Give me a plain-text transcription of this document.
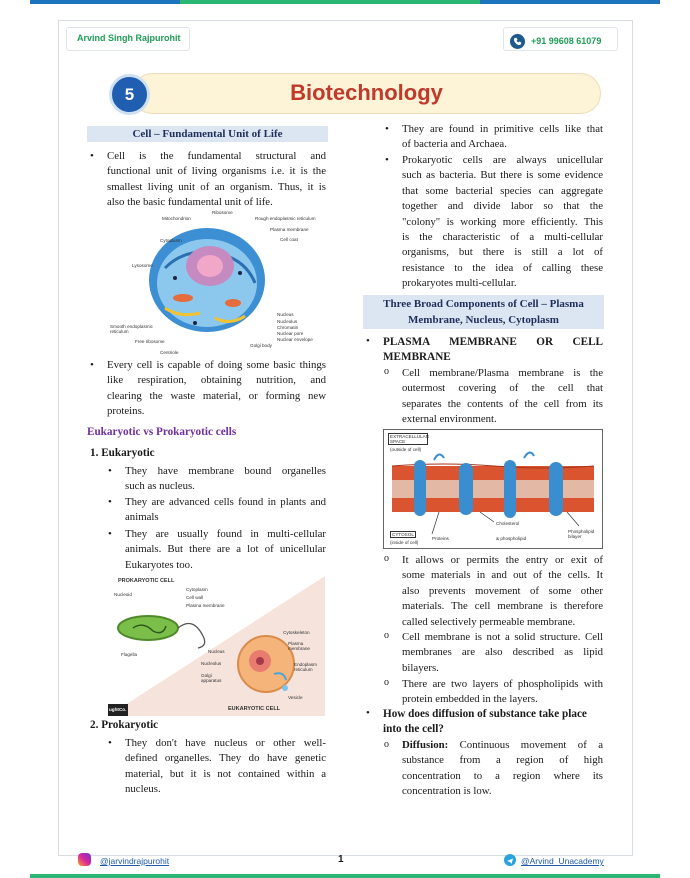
Arvind Singh Rajpurohit	+91 99608 61079
Biotechnology
5
Cell – Fundamental Unit of Life
• Cell is the fundamental structural and
functional unit of living organisms i.e. it is the
smallest living unit of an organism. Thus, it is
also the basic fundamental unit of life.
Ribosome
Rough endoplasmic reticulum
Mitochondrion
Plasma membrane
Cytoplasm	Cell coat
Lysosome
Nucleus
Nucleolus
Chromatin
Nuclear pore
Nuclear envelope
Golgi body
Smooth endoplasmic reticulum
Free ribosome
Centriole
• Every cell is capable of doing some basic things
like respiration, obtaining nutrition, and
clearing the waste material, or forming new
proteins.
Eukaryotic vs Prokaryotic cells
1. Eukaryotic
• They have membrane bound organelles
such as nucleus.
• They are advanced cells found in plants and
animals
• They are usually found in multi-cellular
animals. But there are a lot of unicellular
Eukaryotes too.
PROKARYOTIC CELL
Cytoplasm
Nucleoid
Cell wall
Plasma membrane
Flagella
Cytoskeleton
Plasma membrane
Nucleus
Nucleolus	Endoplasm reticulum
Golgi apparatus
Vesicle
EUKARYOTIC CELL
ughtCo.
2. Prokaryotic
• They don't have nucleus or other well-
defined organelles. They do have genetic
material, but it is not contained within a
nucleus.
• They are found in primitive cells like that
of bacteria and Archaea.
• Prokaryotic cells are always unicellular
such as bacteria. But there is some evidence
that some bacterial species can aggregate
together and divide labor so that the
"colony" is working more efficiently. This
is the characteristic of a multi-cellular
organisms, but there is still a lot of
resistance to the idea of calling these
prokaryotes multi-cellular.
Three Broad Components of Cell – Plasma
Membrane, Nucleus, Cytoplasm
• PLASMA MEMBRANE OR CELL
MEMBRANE
o Cell membrane/Plasma membrane is the
outermost covering of the cell that
separates the contents of the cell from its
external environment.
EXTRACELLULAR SPACE
(outside of cell)
CYTOSOL
(inside of cell)
Proteins
Cholesterol
& phospholipid
Phospholipid bilayer
o It allows or permits the entry or exit of
some materials in and out of the cells. It
also prevents movement of some other
materials. The cell membrane is therefore
called selectively permeable membrane.
o Cell membrane is not a solid structure. Cell
membranes are also described as lipid
bilayers.
o There are two layers of phospholipids with
protein embedded in the layers.
• How does diffusion of substance take place
into the cell?
o Diffusion: Continuous movement of a
substance from a region of high
concentration to a region where its
concentration is low.
@jarvindrajpurohit	1	@Arvind_Unacademy
